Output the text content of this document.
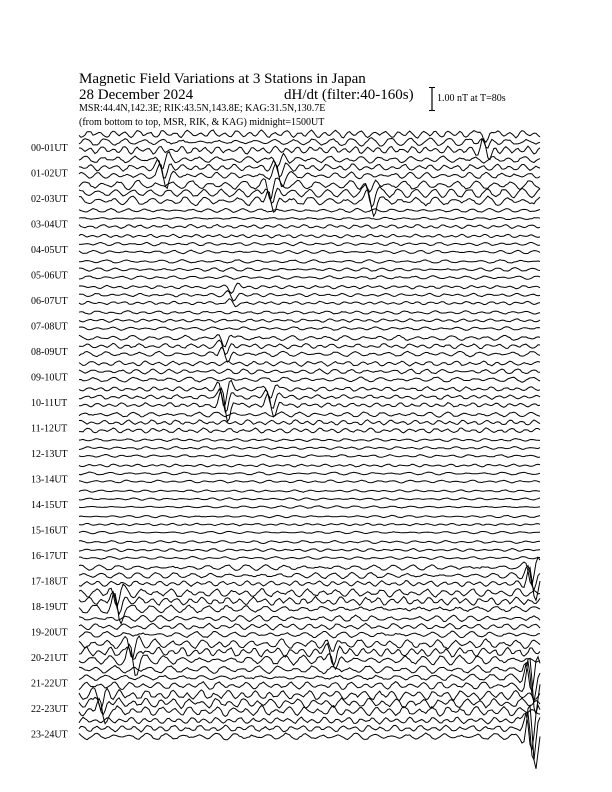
Magnetic Field Variations at 3 Stations in Japan
28 December 2024	dH/dt (filter:40-160s)
MSR:44.4N,142.3E; RIK:43.5N,143.8E; KAG:31.5N,130.7E
(from bottom to top, MSR, RIK, & KAG) midnight=1500UT
1.00 nT at T=80s
00-01UT
01-02UT
02-03UT
03-04UT
04-05UT
05-06UT
06-07UT
07-08UT
08-09UT
09-10UT
10-11UT
11-12UT
12-13UT
13-14UT
14-15UT
15-16UT
16-17UT
17-18UT
18-19UT
19-20UT
20-21UT
21-22UT
22-23UT
23-24UT
